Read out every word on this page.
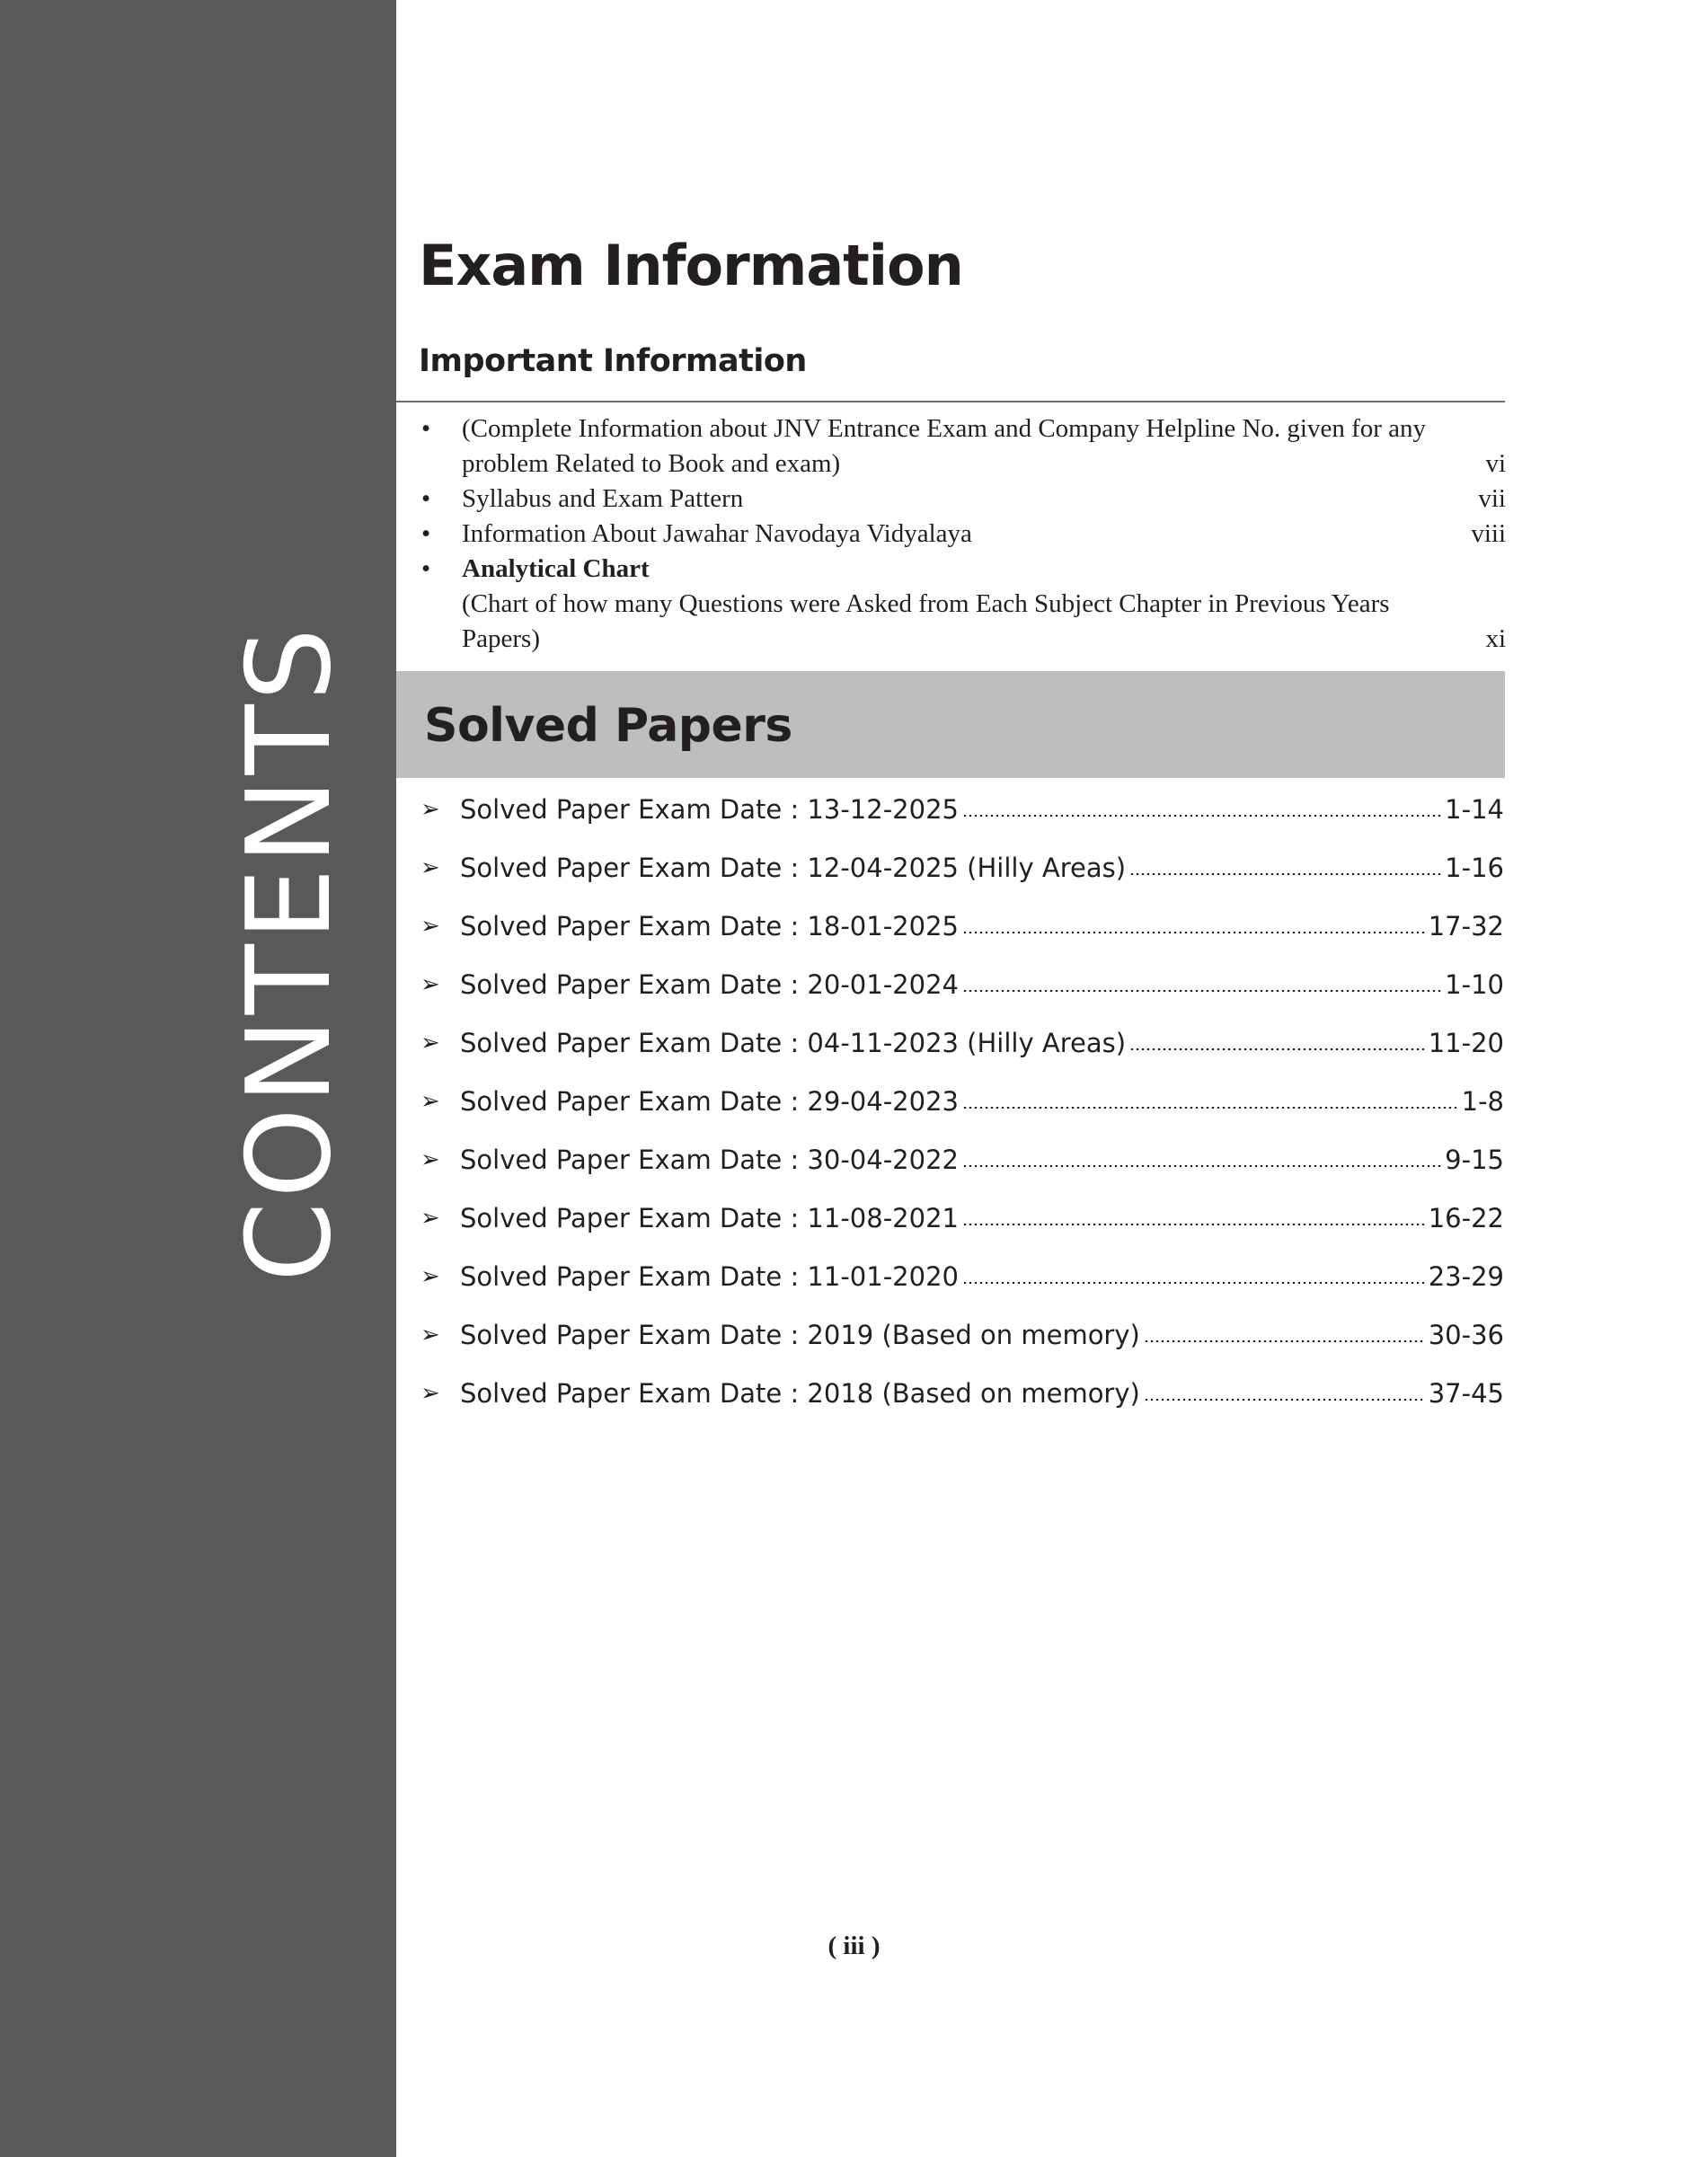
CONTENTS
Exam Information
Important Information
• (Complete Information about JNV Entrance Exam and Company Helpline No. given for any
problem Related to Book and exam)	vi
• Syllabus and Exam Pattern	vii
• Information About Jawahar Navodaya Vidyalaya	viii
• Analytical Chart
(Chart of how many Questions were Asked from Each Subject Chapter in Previous Years
Papers)	xi
Solved Papers
➢ Solved Paper Exam Date : 13-12-2025	1-14
➢ Solved Paper Exam Date : 12-04-2025 (Hilly Areas)	1-16
➢ Solved Paper Exam Date : 18-01-2025	17-32
➢ Solved Paper Exam Date : 20-01-2024	1-10
➢ Solved Paper Exam Date : 04-11-2023 (Hilly Areas)	11-20
➢ Solved Paper Exam Date : 29-04-2023	1-8
➢ Solved Paper Exam Date : 30-04-2022	9-15
➢ Solved Paper Exam Date : 11-08-2021	16-22
➢ Solved Paper Exam Date : 11-01-2020	23-29
➢ Solved Paper Exam Date : 2019 (Based on memory)	30-36
➢ Solved Paper Exam Date : 2018 (Based on memory)	37-45
( iii )
